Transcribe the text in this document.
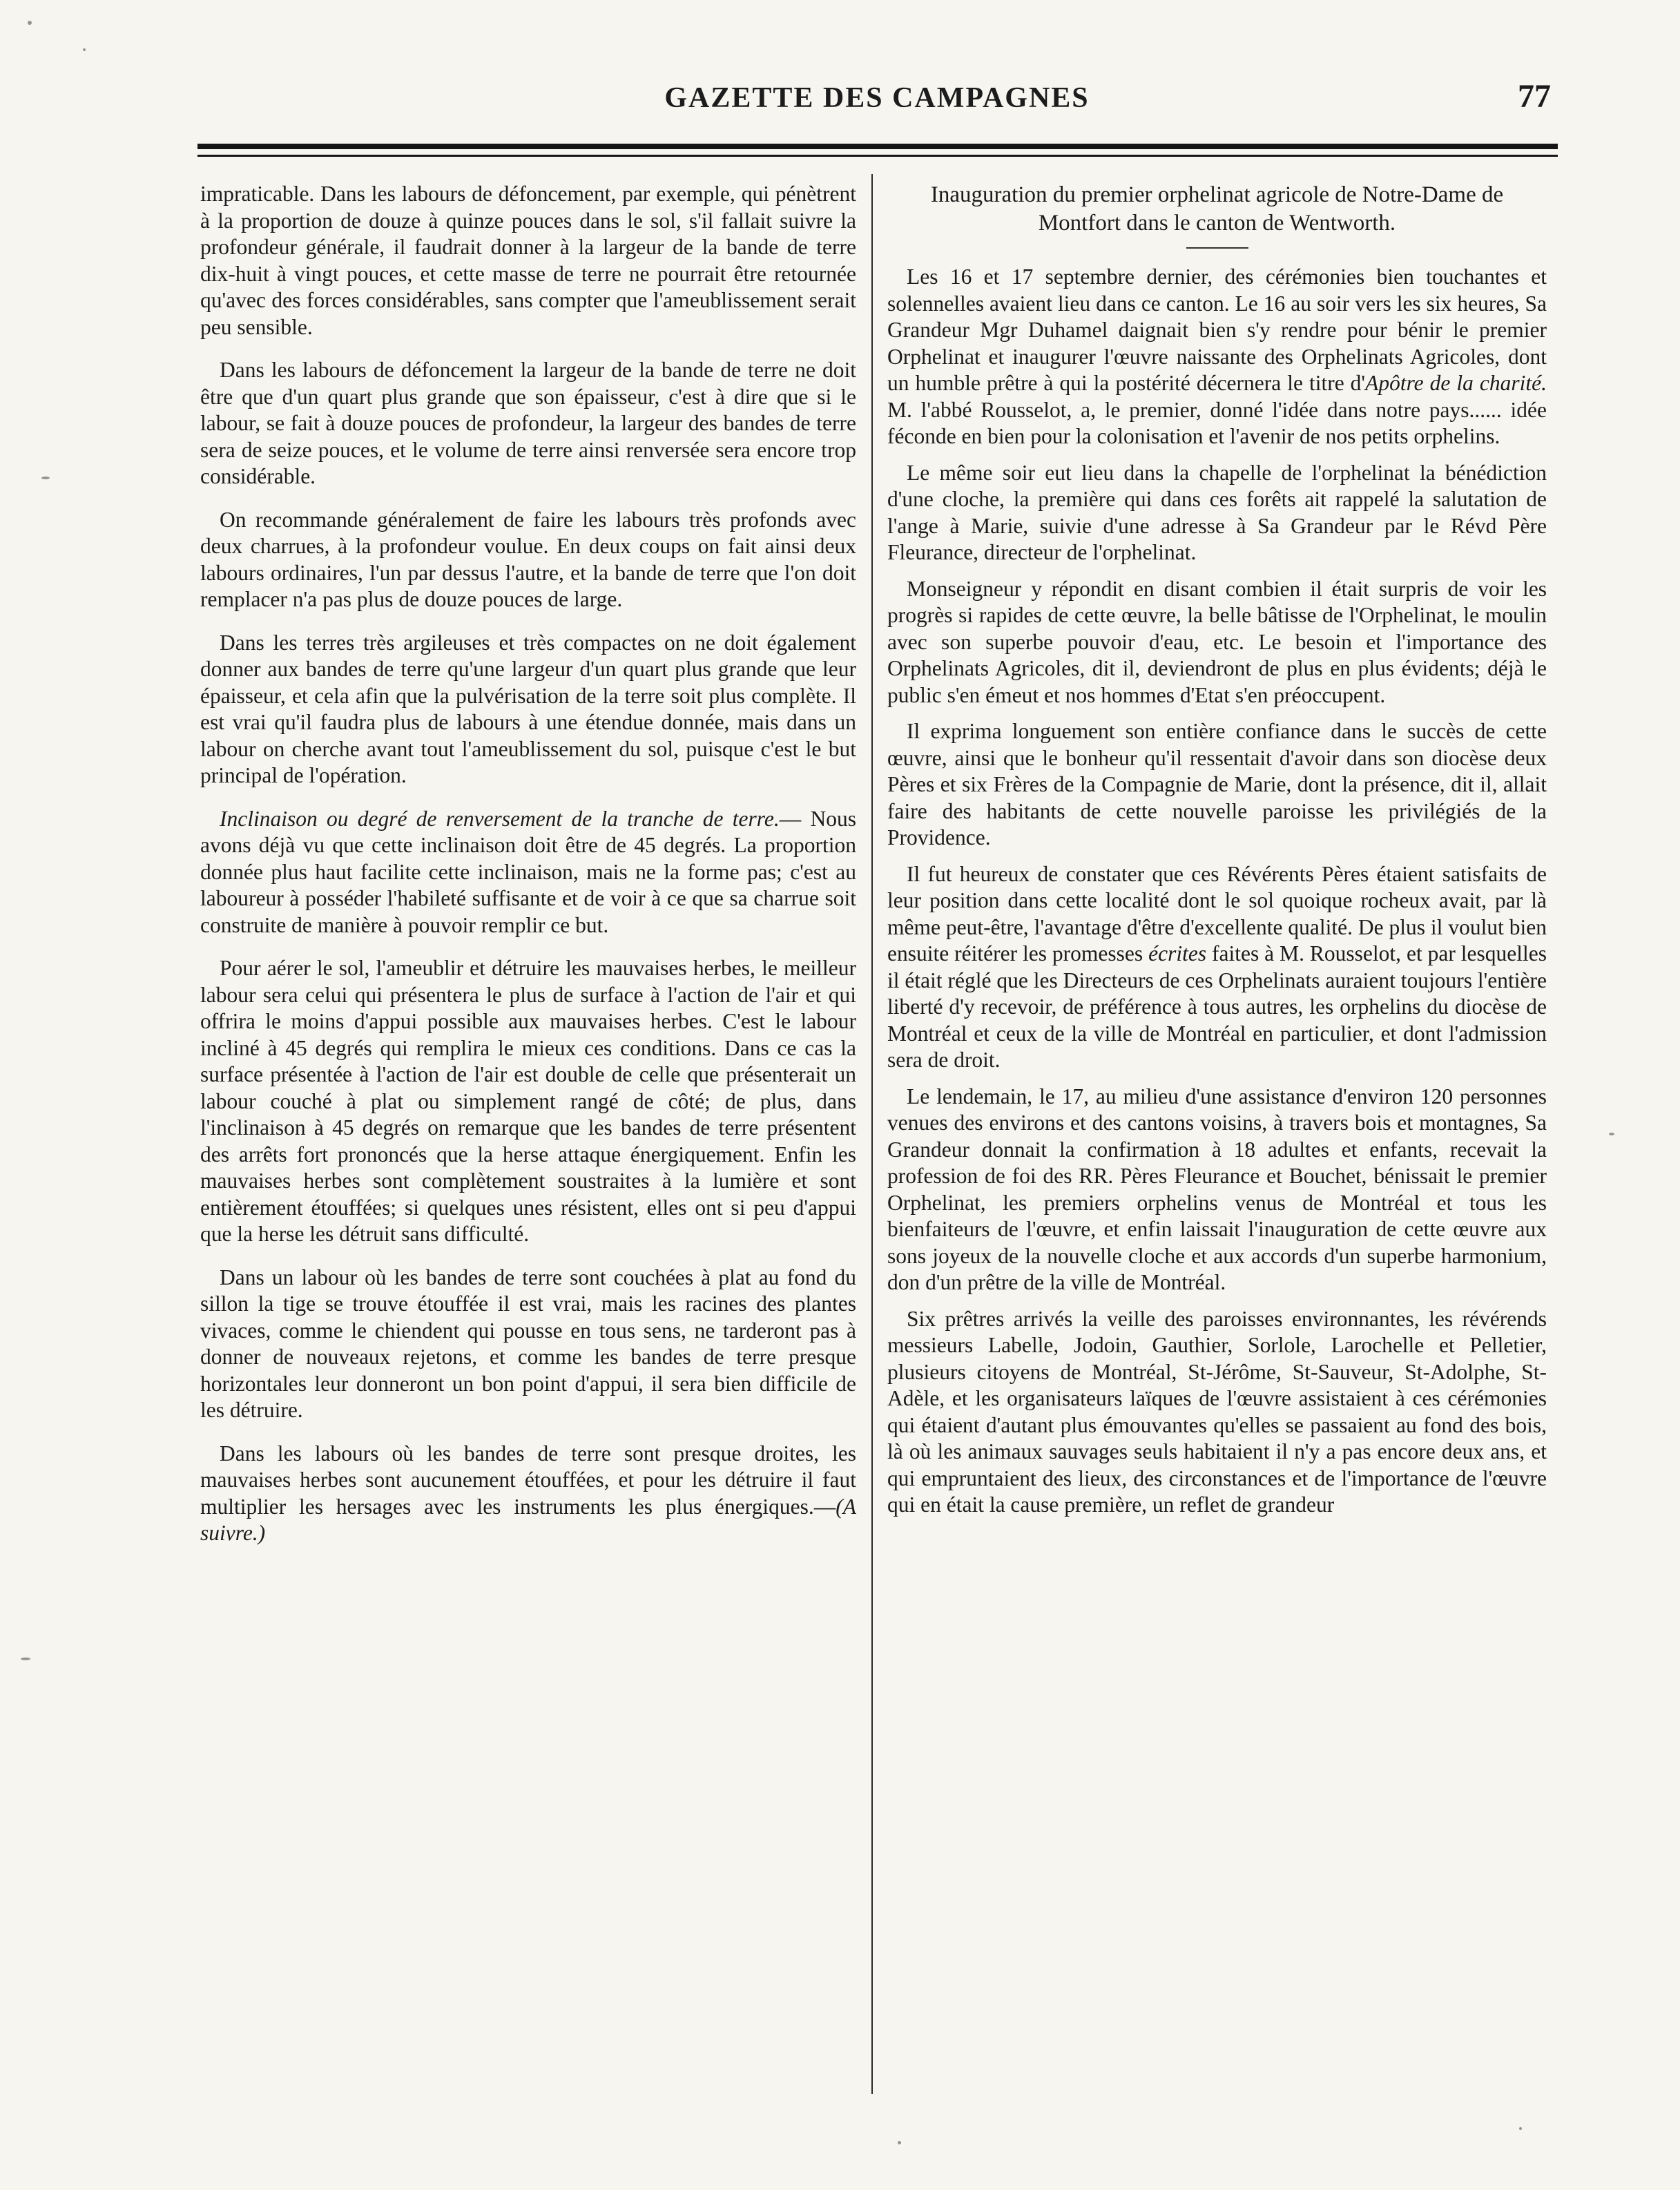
GAZETTE DES CAMPAGNES	77

impraticable. Dans les labours de défoncement, par exemple, qui pénètrent à la proportion de douze à quinze pouces dans le sol, s'il fallait suivre la profondeur générale, il faudrait donner à la largeur de la bande de terre dix-huit à vingt pouces, et cette masse de terre ne pourrait être retournée qu'avec des forces considérables, sans compter que l'ameublissement serait peu sensible.

Dans les labours de défoncement la largeur de la bande de terre ne doit être que d'un quart plus grande que son épaisseur, c'est à dire que si le labour, se fait à douze pouces de profondeur, la largeur des bandes de terre sera de seize pouces, et le volume de terre ainsi renversée sera encore trop considérable.

On recommande généralement de faire les labours très profonds avec deux charrues, à la profondeur voulue. En deux coups on fait ainsi deux labours ordinaires, l'un par dessus l'autre, et la bande de terre que l'on doit remplacer n'a pas plus de douze pouces de large.

Dans les terres très argileuses et très compactes on ne doit également donner aux bandes de terre qu'une largeur d'un quart plus grande que leur épaisseur, et cela afin que la pulvérisation de la terre soit plus complète. Il est vrai qu'il faudra plus de labours à une étendue donnée, mais dans un labour on cherche avant tout l'ameublissement du sol, puisque c'est le but principal de l'opération.

Inclinaison ou degré de renversement de la tranche de terre.— Nous avons déjà vu que cette inclinaison doit être de 45 degrés. La proportion donnée plus haut facilite cette inclinaison, mais ne la forme pas; c'est au laboureur à posséder l'habileté suffisante et de voir à ce que sa charrue soit construite de manière à pouvoir remplir ce but.

Pour aérer le sol, l'ameublir et détruire les mauvaises herbes, le meilleur labour sera celui qui présentera le plus de surface à l'action de l'air et qui offrira le moins d'appui possible aux mauvaises herbes. C'est le labour incliné à 45 degrés qui remplira le mieux ces conditions. Dans ce cas la surface présentée à l'action de l'air est double de celle que présenterait un labour couché à plat ou simplement rangé de côté; de plus, dans l'inclinaison à 45 degrés on remarque que les bandes de terre présentent des arrêts fort prononcés que la herse attaque énergiquement. Enfin les mauvaises herbes sont complètement soustraites à la lumière et sont entièrement étouffées; si quelques unes résistent, elles ont si peu d'appui que la herse les détruit sans difficulté.

Dans un labour où les bandes de terre sont couchées à plat au fond du sillon la tige se trouve étouffée il est vrai, mais les racines des plantes vivaces, comme le chiendent qui pousse en tous sens, ne tarderont pas à donner de nouveaux rejetons, et comme les bandes de terre presque horizontales leur donneront un bon point d'appui, il sera bien difficile de les détruire.

Dans les labours où les bandes de terre sont presque droites, les mauvaises herbes sont aucunement étouffées, et pour les détruire il faut multiplier les hersages avec les instruments les plus énergiques.—(A suivre.)

Inauguration du premier orphelinat agricole de Notre-Dame de Montfort dans le canton de Wentworth.

Les 16 et 17 septembre dernier, des cérémonies bien touchantes et solennelles avaient lieu dans ce canton. Le 16 au soir vers les six heures, Sa Grandeur Mgr Duhamel daignait bien s'y rendre pour bénir le premier Orphelinat et inaugurer l'œuvre naissante des Orphelinats Agricoles, dont un humble prêtre à qui la postérité décernera le titre d'Apôtre de la charité. M. l'abbé Rousselot, a, le premier, donné l'idée dans notre pays...... idée féconde en bien pour la colonisation et l'avenir de nos petits orphelins.

Le même soir eut lieu dans la chapelle de l'orphelinat la bénédiction d'une cloche, la première qui dans ces forêts ait rappelé la salutation de l'ange à Marie, suivie d'une adresse à Sa Grandeur par le Révd Père Fleurance, directeur de l'orphelinat.

Monseigneur y répondit en disant combien il était surpris de voir les progrès si rapides de cette œuvre, la belle bâtisse de l'Orphelinat, le moulin avec son superbe pouvoir d'eau, etc. Le besoin et l'importance des Orphelinats Agricoles, dit il, deviendront de plus en plus évidents; déjà le public s'en émeut et nos hommes d'Etat s'en préoccupent.

Il exprima longuement son entière confiance dans le succès de cette œuvre, ainsi que le bonheur qu'il ressentait d'avoir dans son diocèse deux Pères et six Frères de la Compagnie de Marie, dont la présence, dit il, allait faire des habitants de cette nouvelle paroisse les privilégiés de la Providence.

Il fut heureux de constater que ces Révérents Pères étaient satisfaits de leur position dans cette localité dont le sol quoique rocheux avait, par là même peut-être, l'avantage d'être d'excellente qualité. De plus il voulut bien ensuite réitérer les promesses écrites faites à M. Rousselot, et par lesquelles il était réglé que les Directeurs de ces Orphelinats auraient toujours l'entière liberté d'y recevoir, de préférence à tous autres, les orphelins du diocèse de Montréal et ceux de la ville de Montréal en particulier, et dont l'admission sera de droit.

Le lendemain, le 17, au milieu d'une assistance d'environ 120 personnes venues des environs et des cantons voisins, à travers bois et montagnes, Sa Grandeur donnait la confirmation à 18 adultes et enfants, recevait la profession de foi des RR. Pères Fleurance et Bouchet, bénissait le premier Orphelinat, les premiers orphelins venus de Montréal et tous les bienfaiteurs de l'œuvre, et enfin laissait l'inauguration de cette œuvre aux sons joyeux de la nouvelle cloche et aux accords d'un superbe harmonium, don d'un prêtre de la ville de Montréal.

Six prêtres arrivés la veille des paroisses environnantes, les révérends messieurs Labelle, Jodoin, Gauthier, Sorlole, Larochelle et Pelletier, plusieurs citoyens de Montréal, St-Jérôme, St-Sauveur, St-Adolphe, St-Adèle, et les organisateurs laïques de l'œuvre assistaient à ces cérémonies qui étaient d'autant plus émouvantes qu'elles se passaient au fond des bois, là où les animaux sauvages seuls habitaient il n'y a pas encore deux ans, et qui empruntaient des lieux, des circonstances et de l'importance de l'œuvre qui en était la cause première, un reflet de grandeur
